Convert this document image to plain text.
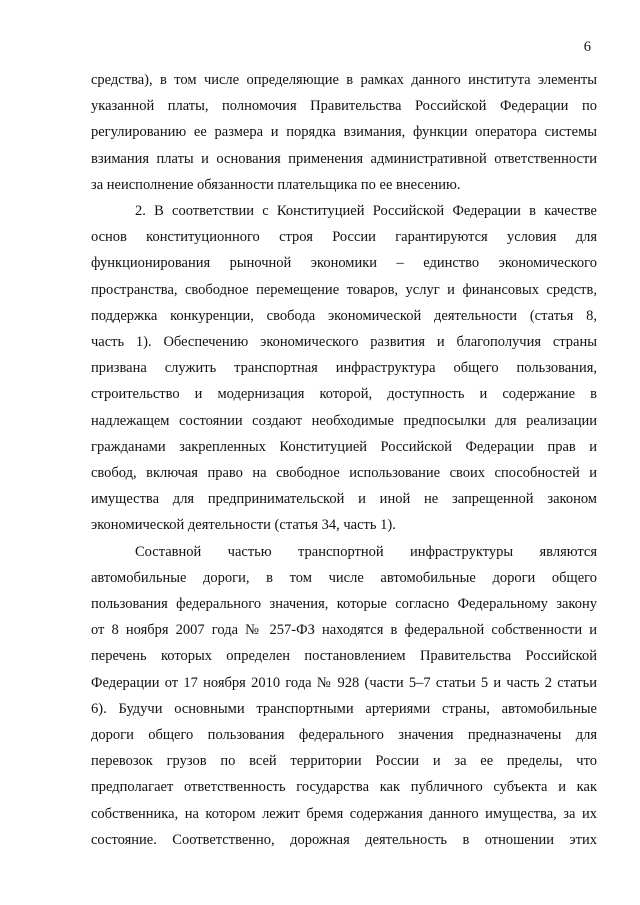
6
средства), в том числе определяющие в рамках данного института элементы
указанной платы, полномочия Правительства Российской Федерации по
регулированию ее размера и порядка взимания, функции оператора системы
взимания платы и основания применения административной ответственности
за неисполнение обязанности плательщика по ее внесению.
2. В соответствии с Конституцией Российской Федерации в качестве
основ конституционного строя России гарантируются условия для
функционирования рыночной экономики – единство экономического
пространства, свободное перемещение товаров, услуг и финансовых средств,
поддержка конкуренции, свобода экономической деятельности (статья 8,
часть 1). Обеспечению экономического развития и благополучия страны
призвана служить транспортная инфраструктура общего пользования,
строительство и модернизация которой, доступность и содержание в
надлежащем состоянии создают необходимые предпосылки для реализации
гражданами закрепленных Конституцией Российской Федерации прав и
свобод, включая право на свободное использование своих способностей и
имущества для предпринимательской и иной не запрещенной законом
экономической деятельности (статья 34, часть 1).
Составной частью транспортной инфраструктуры являются
автомобильные дороги, в том числе автомобильные дороги общего
пользования федерального значения, которые согласно Федеральному закону
от 8 ноября 2007 года № 257-ФЗ находятся в федеральной собственности и
перечень которых определен постановлением Правительства Российской
Федерации от 17 ноября 2010 года № 928 (части 5–7 статьи 5 и часть 2 статьи
6). Будучи основными транспортными артериями страны, автомобильные
дороги общего пользования федерального значения предназначены для
перевозок грузов по всей территории России и за ее пределы, что
предполагает ответственность государства как публичного субъекта и как
собственника, на котором лежит бремя содержания данного имущества, за их
состояние. Соответственно, дорожная деятельность в отношении этих
